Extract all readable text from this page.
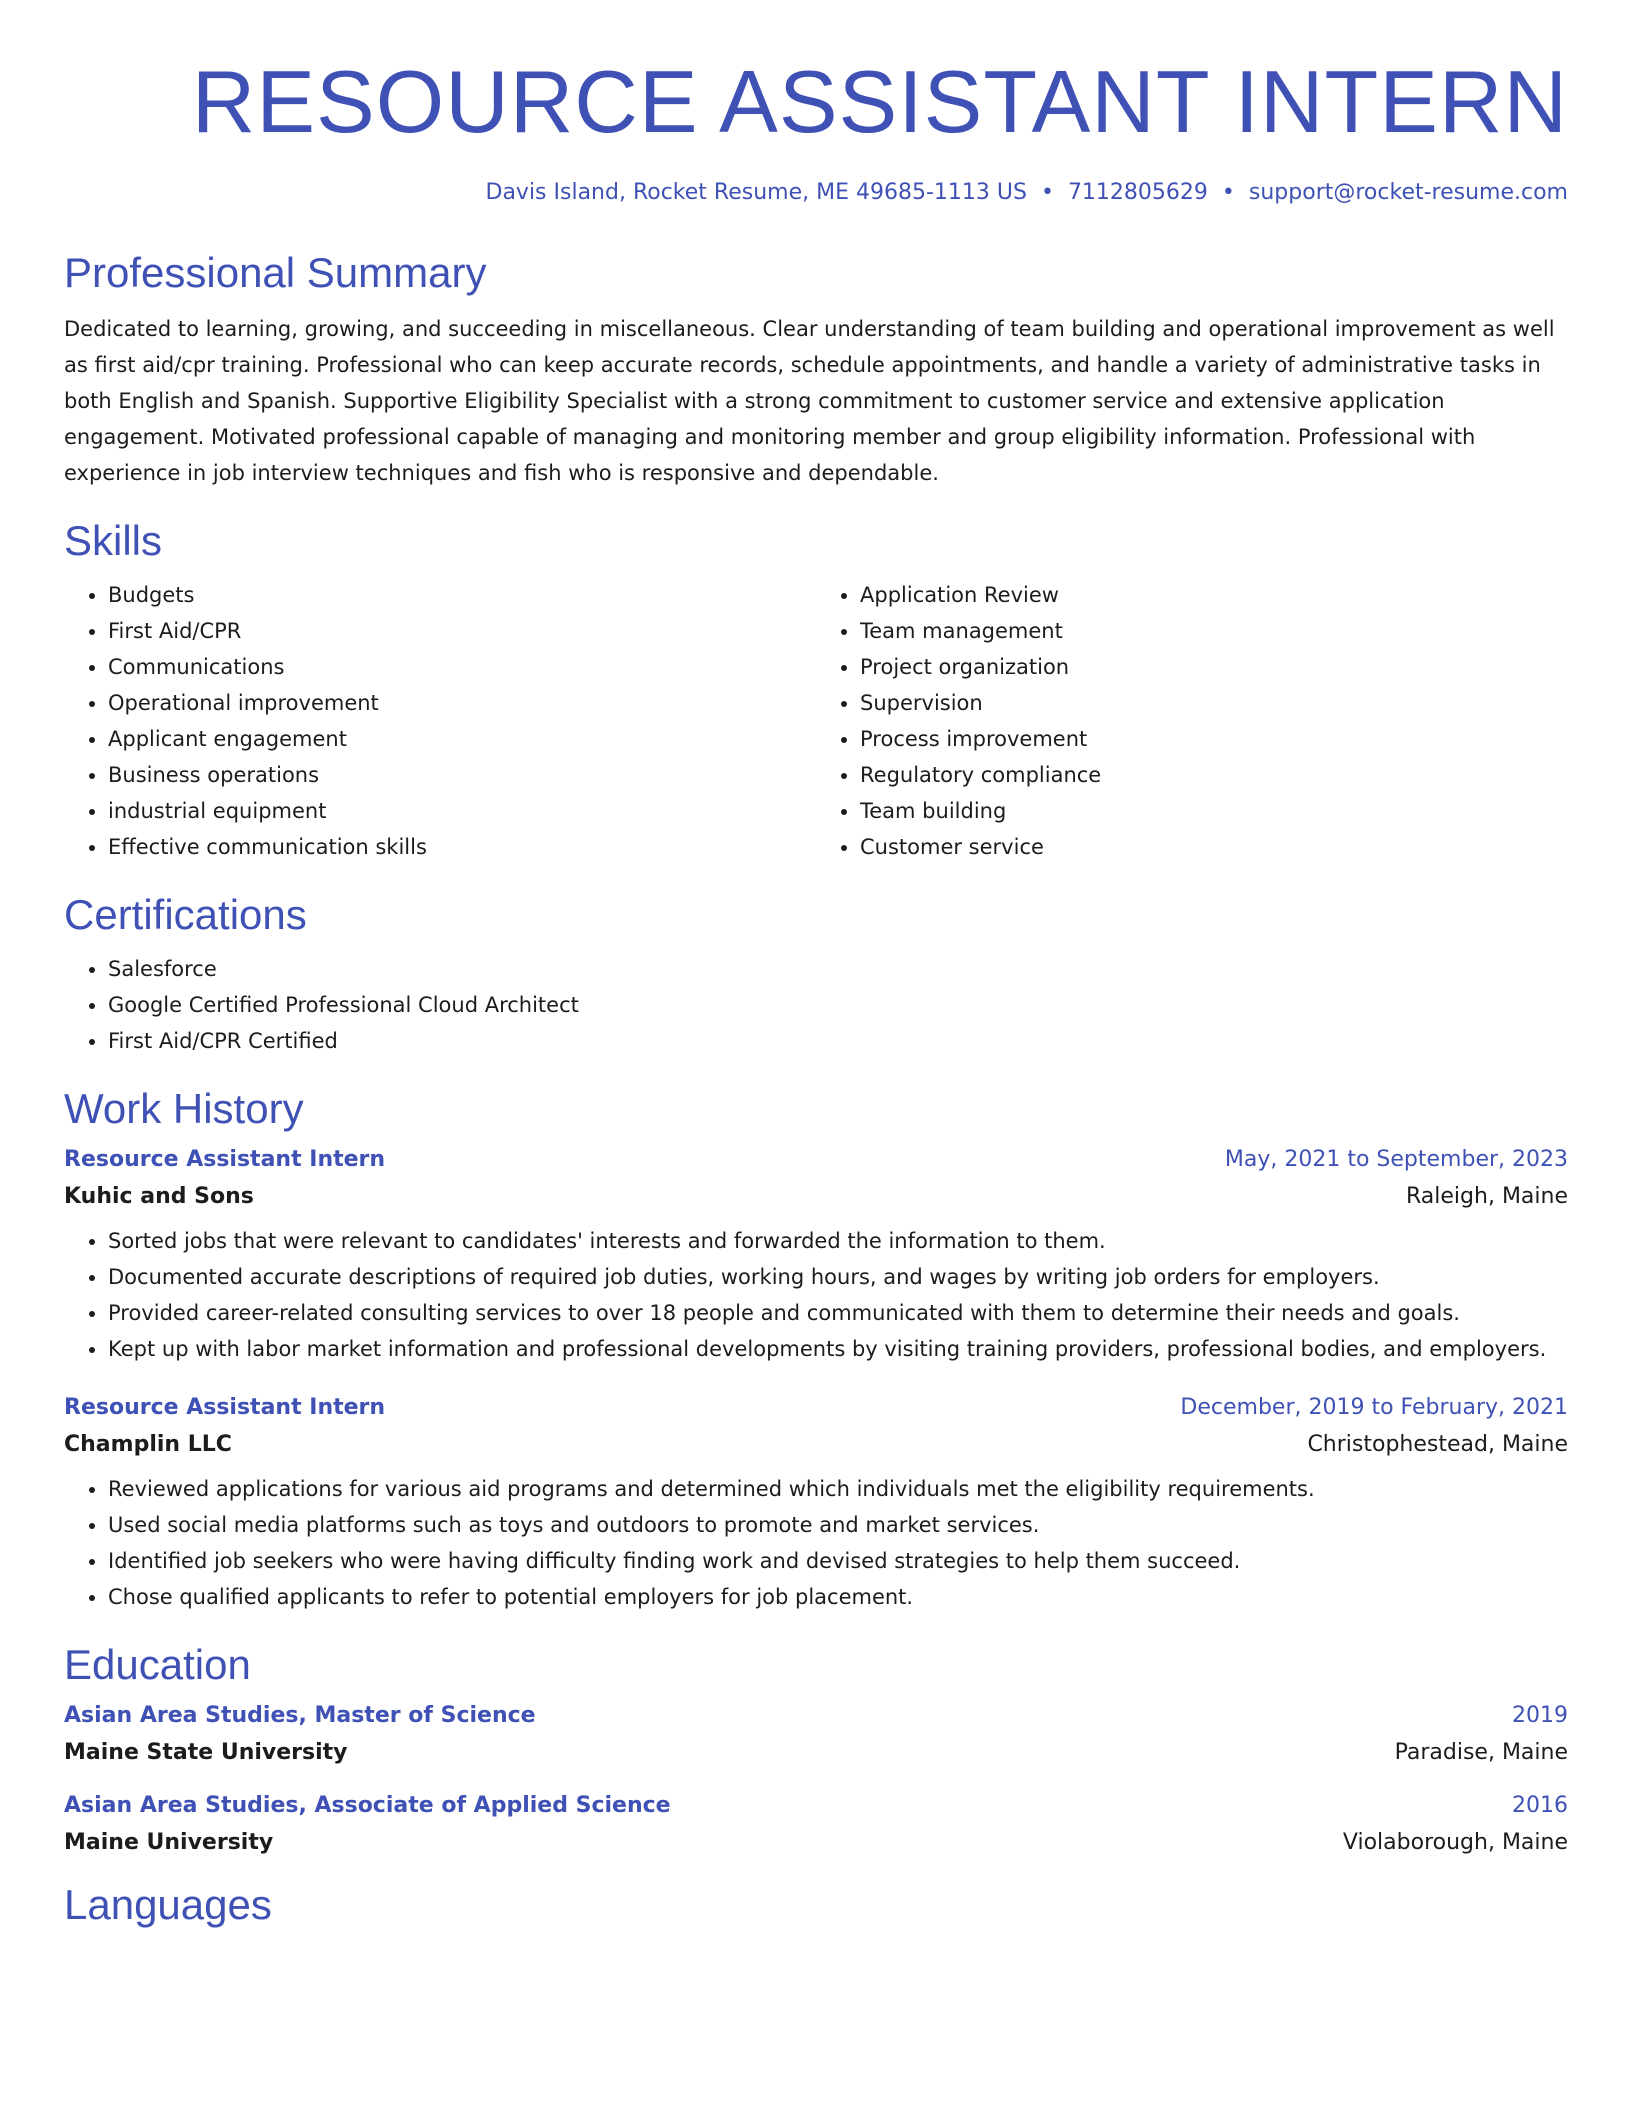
RESOURCE ASSISTANT INTERN
Davis Island, Rocket Resume, ME 49685-1113 US • 7112805629 • support@rocket-resume.com
Professional Summary

Dedicated to learning, growing, and succeeding in miscellaneous. Clear understanding of team building and operational improvement as well as first aid/cpr training. Professional who can keep accurate records, schedule appointments, and handle a variety of administrative tasks in both English and Spanish. Supportive Eligibility Specialist with a strong commitment to customer service and extensive application engagement. Motivated professional capable of managing and monitoring member and group eligibility information. Professional with experience in job interview techniques and fish who is responsive and dependable.

Skills
• Budgets
• First Aid/CPR
• Communications
• Operational improvement
• Applicant engagement
• Business operations
• industrial equipment
• Effective communication skills
• Application Review
• Team management
• Project organization
• Supervision
• Process improvement
• Regulatory compliance
• Team building
• Customer service
Certifications
• Salesforce
• Google Certified Professional Cloud Architect
• First Aid/CPR Certified
Work History
Resource Assistant Intern	May, 2021 to September, 2023
Kuhic and Sons	Raleigh, Maine
• Sorted jobs that were relevant to candidates' interests and forwarded the information to them.
• Documented accurate descriptions of required job duties, working hours, and wages by writing job orders for employers.
• Provided career-related consulting services to over 18 people and communicated with them to determine their needs and goals.
• Kept up with labor market information and professional developments by visiting training providers, professional bodies, and employers.
Resource Assistant Intern	December, 2019 to February, 2021
Champlin LLC	Christophestead, Maine
• Reviewed applications for various aid programs and determined which individuals met the eligibility requirements.
• Used social media platforms such as toys and outdoors to promote and market services.
• Identified job seekers who were having difficulty finding work and devised strategies to help them succeed.
• Chose qualified applicants to refer to potential employers for job placement.
Education
Asian Area Studies, Master of Science	2019
Maine State University	Paradise, Maine
Asian Area Studies, Associate of Applied Science	2016
Maine University	Violaborough, Maine
Languages
